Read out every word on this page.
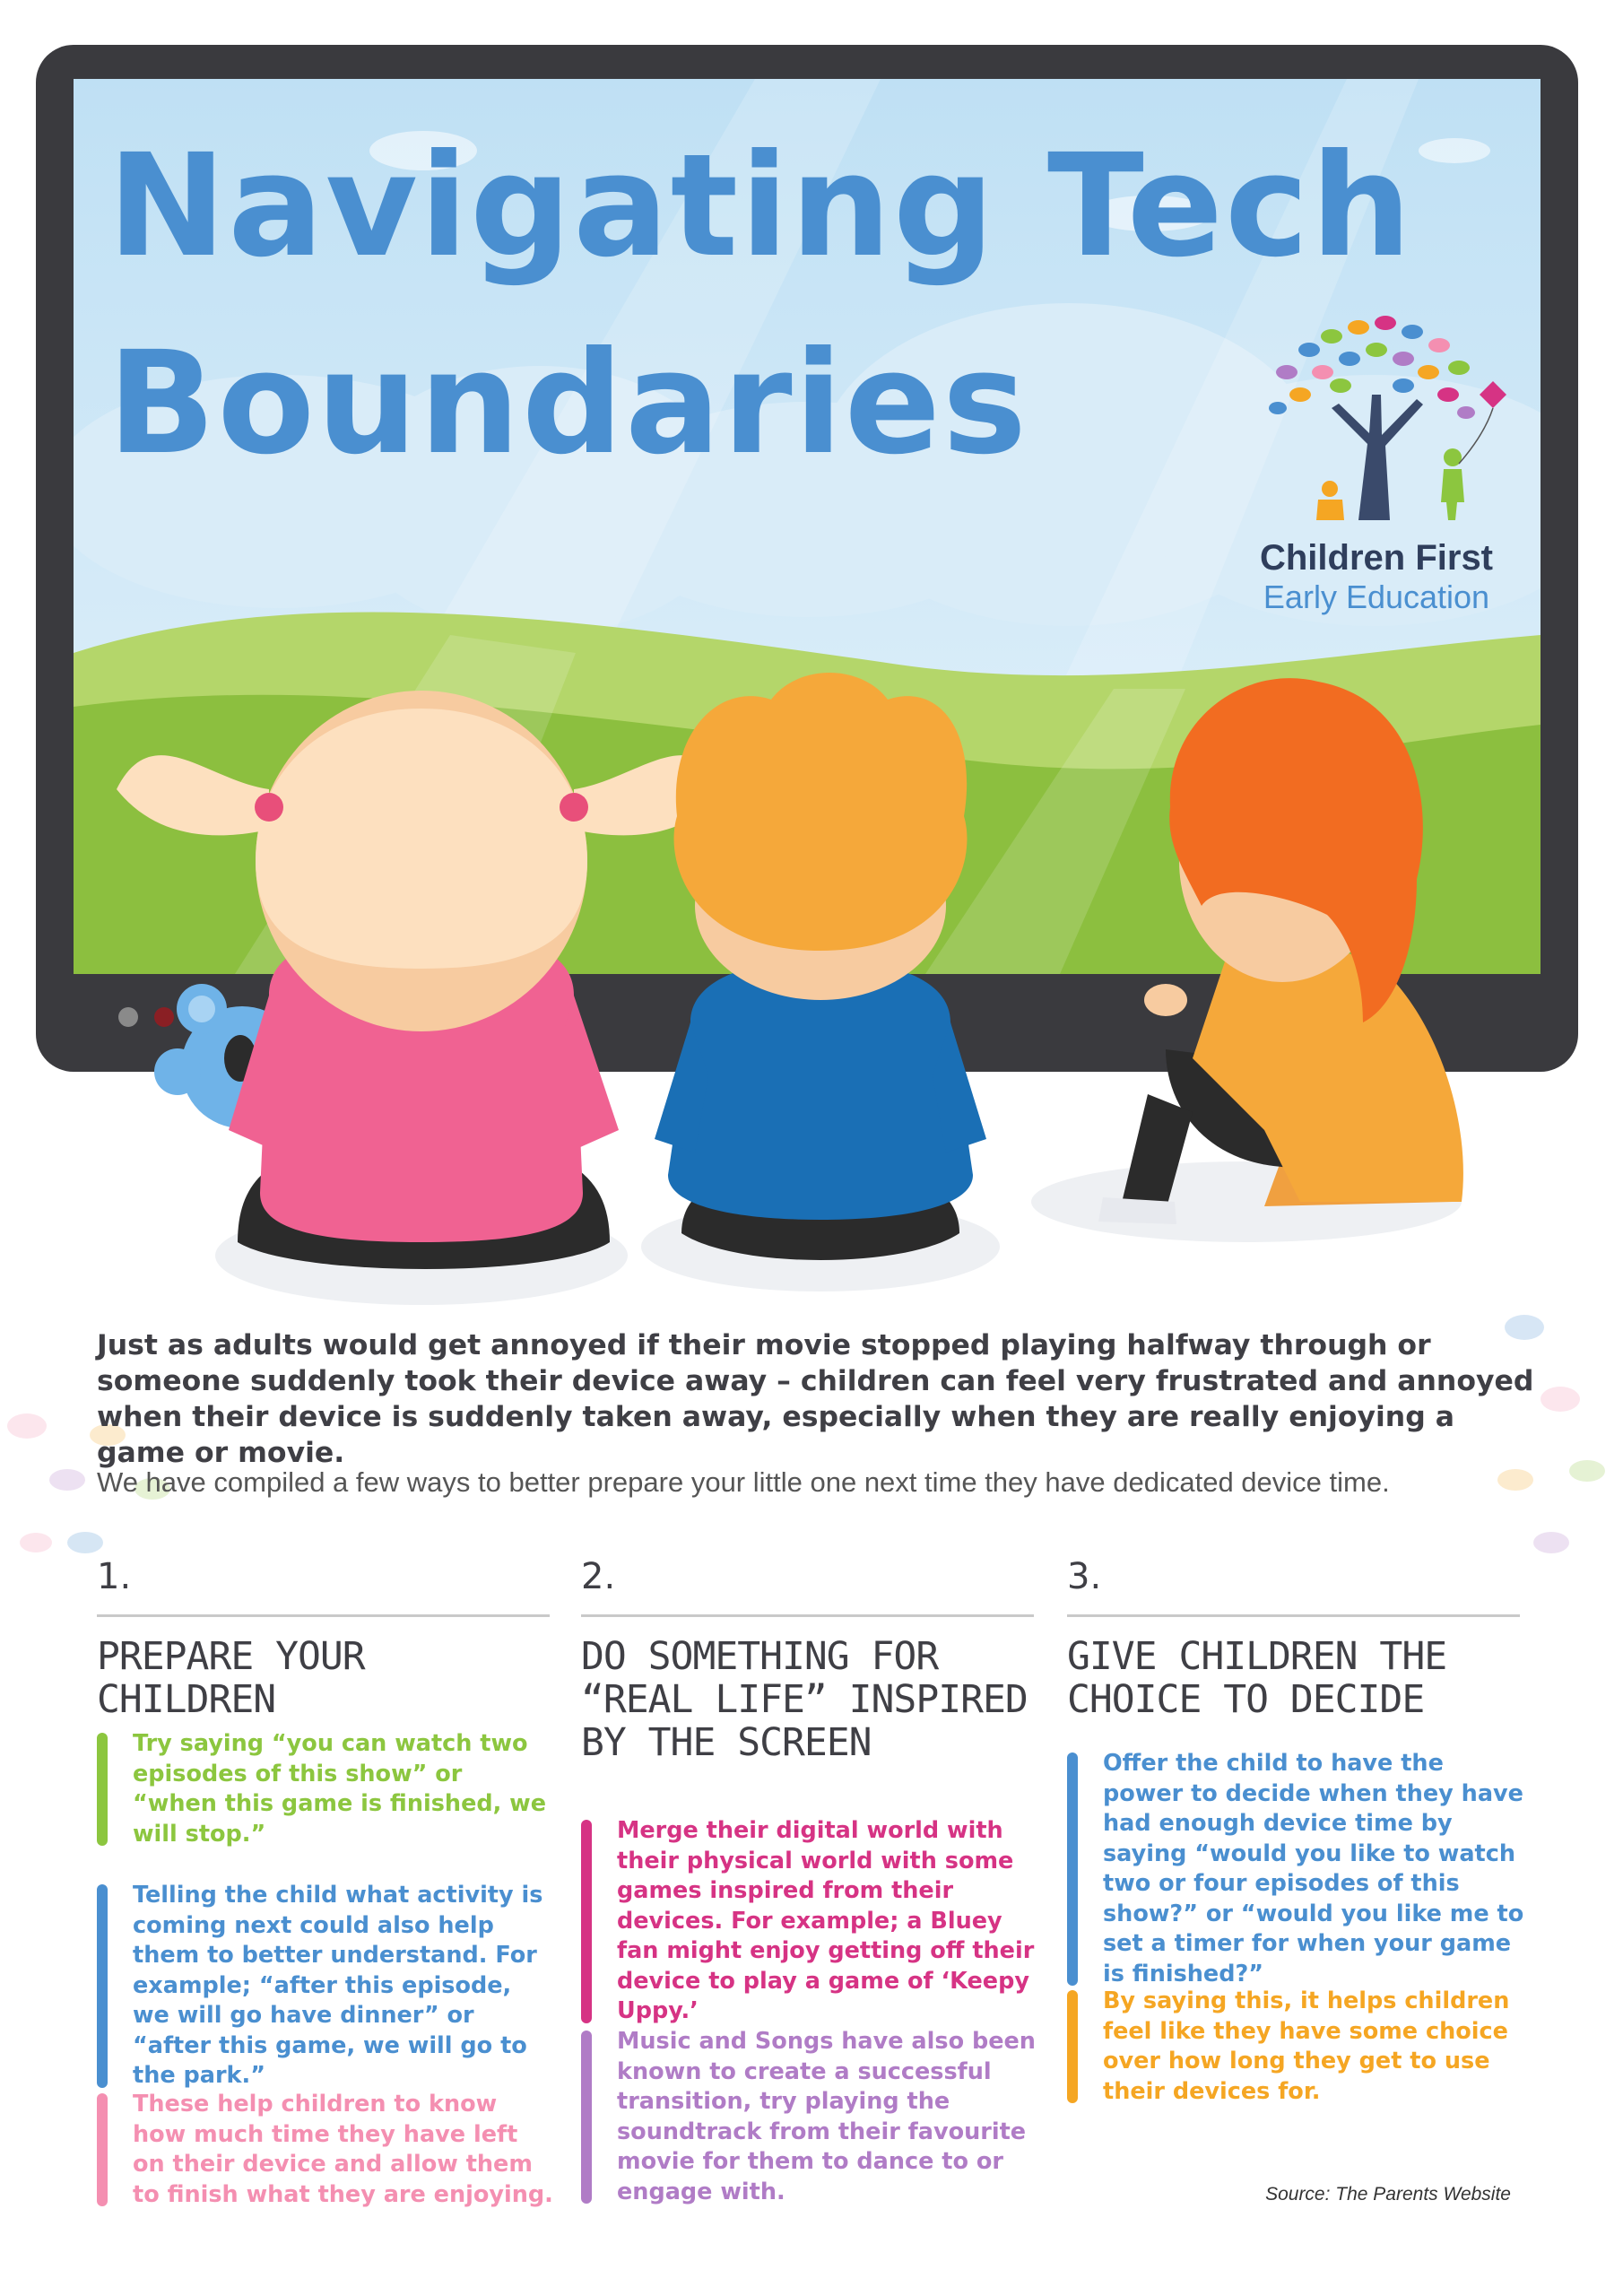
Navigating Tech
Boundaries
Children First
Early Education

Just as adults would get annoyed if their movie stopped playing halfway through or someone suddenly took their device away – children can feel very frustrated and annoyed when their device is suddenly taken away, especially when they are really enjoying a game or movie.

We have compiled a few ways to better prepare your little one next time they have dedicated device time.

1.
PREPARE YOUR CHILDREN
Try saying “you can watch two episodes of this show” or “when this game is finished, we will stop.”
Telling the child what activity is coming next could also help them to better understand. For example; “after this episode, we will go have dinner” or “after this game, we will go to the park.”
These help children to know how much time they have left on their device and allow them to finish what they are enjoying.
2.
DO SOMETHING FOR “REAL LIFE” INSPIRED BY THE SCREEN
Merge their digital world with their physical world with some games inspired from their devices. For example; a Bluey fan might enjoy getting off their device to play a game of ‘Keepy Uppy.’
Music and Songs have also been known to create a successful transition, try playing the soundtrack from their favourite movie for them to dance to or engage with.
3.
GIVE CHILDREN THE CHOICE TO DECIDE
Offer the child to have the power to decide when they have had enough device time by saying “would you like to watch two or four episodes of this show?” or “would you like me to set a timer for when your game is finished?”
By saying this, it helps children feel like they have some choice over how long they get to use their devices for.
Source: The Parents Website
